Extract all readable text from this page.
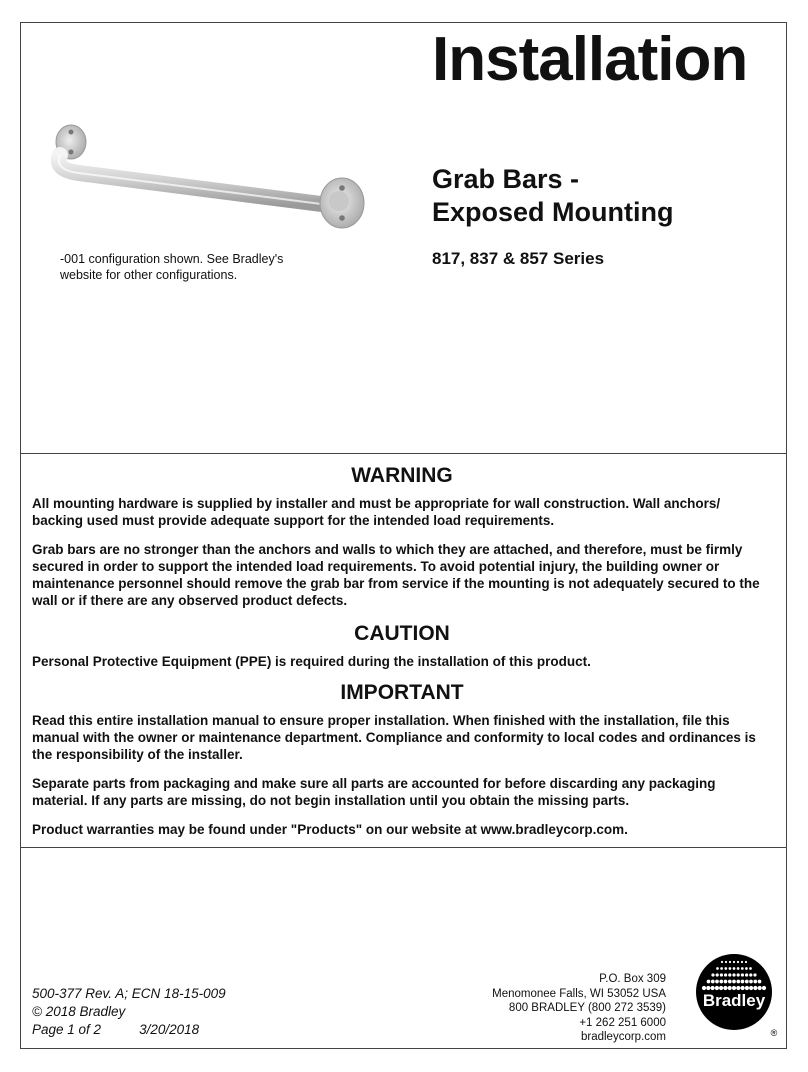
Installation
Grab Bars -
Exposed Mounting
817, 837 & 857 Series
-001 configuration shown. See Bradley's website for other configurations.
WARNING

All mounting hardware is supplied by installer and must be appropriate for wall construction. Wall anchors/ backing used must provide adequate support for the intended load requirements.

Grab bars are no stronger than the anchors and walls to which they are attached, and therefore, must be firmly secured in order to support the intended load requirements. To avoid potential injury, the building owner or maintenance personnel should remove the grab bar from service if the mounting is not adequately secured to the wall or if there are any observed product defects.

CAUTION

Personal Protective Equipment (PPE) is required during the installation of this product.

IMPORTANT

Read this entire installation manual to ensure proper installation. When finished with the installation, file this manual with the owner or maintenance department. Compliance and conformity to local codes and ordinances is the responsibility of the installer.

Separate parts from packaging and make sure all parts are accounted for before discarding any packaging material. If any parts are missing, do not begin installation until you obtain the missing parts.

Product warranties may be found under "Products" on our website at www.bradleycorp.com.

500-377 Rev. A; ECN 18-15-009
© 2018 Bradley
Page 1 of 2	3/20/2018
P.O. Box 309
Menomonee Falls, WI 53052 USA
800 BRADLEY (800 272 3539)
+1 262 251 6000
bradleycorp.com
Bradley
®
